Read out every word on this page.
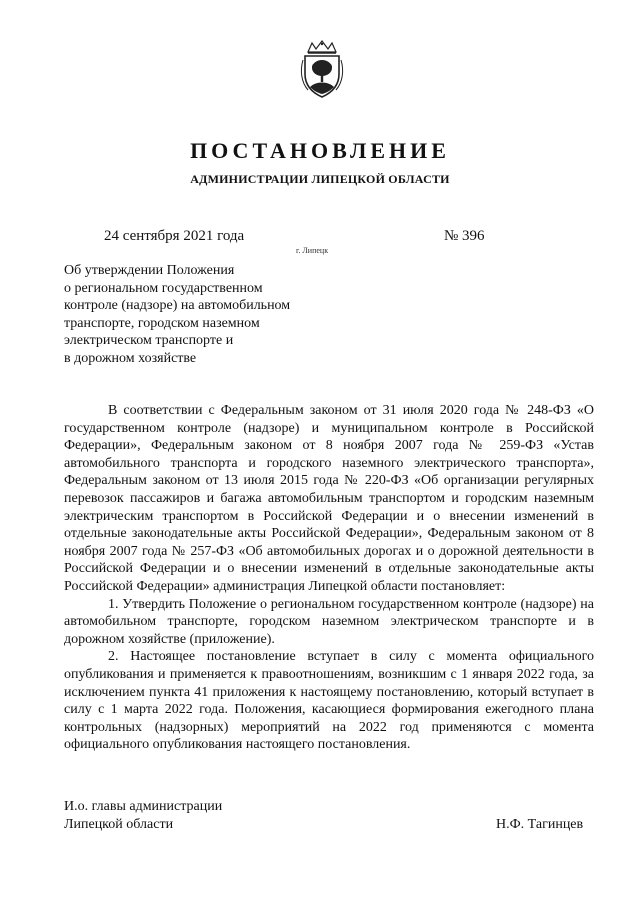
ПОСТАНОВЛЕНИЕ
АДМИНИСТРАЦИИ ЛИПЕЦКОЙ ОБЛАСТИ
24 сентября 2021 года
г. Липецк
№ 396
Об утверждении Положения
о региональном государственном
контроле (надзоре) на автомобильном
транспорте, городском наземном
электрическом транспорте и
в дорожном хозяйстве

В соответствии с Федеральным законом от 31 июля 2020 года № 248-ФЗ «О государственном контроле (надзоре) и муниципальном контроле в Российской Федерации», Федеральным законом от 8 ноября 2007 года № 259-ФЗ «Устав автомобильного транспорта и городского наземного электрического транспорта», Федеральным законом от 13 июля 2015 года № 220-ФЗ «Об организации регулярных перевозок пассажиров и багажа автомобильным транспортом и городским наземным электрическим транспортом в Российской Федерации и о внесении изменений в отдельные законодательные акты Российской Федерации», Федеральным законом от 8 ноября 2007 года № 257-ФЗ «Об автомобильных дорогах и о дорожной деятельности в Российской Федерации и о внесении изменений в отдельные законодательные акты Российской Федерации» администрация Липецкой области постановляет:

1. Утвердить Положение о региональном государственном контроле (надзоре) на автомобильном транспорте, городском наземном электрическом транспорте и в дорожном хозяйстве (приложение).

2. Настоящее постановление вступает в силу с момента официального опубликования и применяется к правоотношениям, возникшим с 1 января 2022 года, за исключением пункта 41 приложения к настоящему постановлению, который вступает в силу с 1 марта 2022 года. Положения, касающиеся формирования ежегодного плана контрольных (надзорных) мероприятий на 2022 год применяются с момента официального опубликования настоящего постановления.

И.о. главы администрации
Липецкой области	Н.Ф. Тагинцев
